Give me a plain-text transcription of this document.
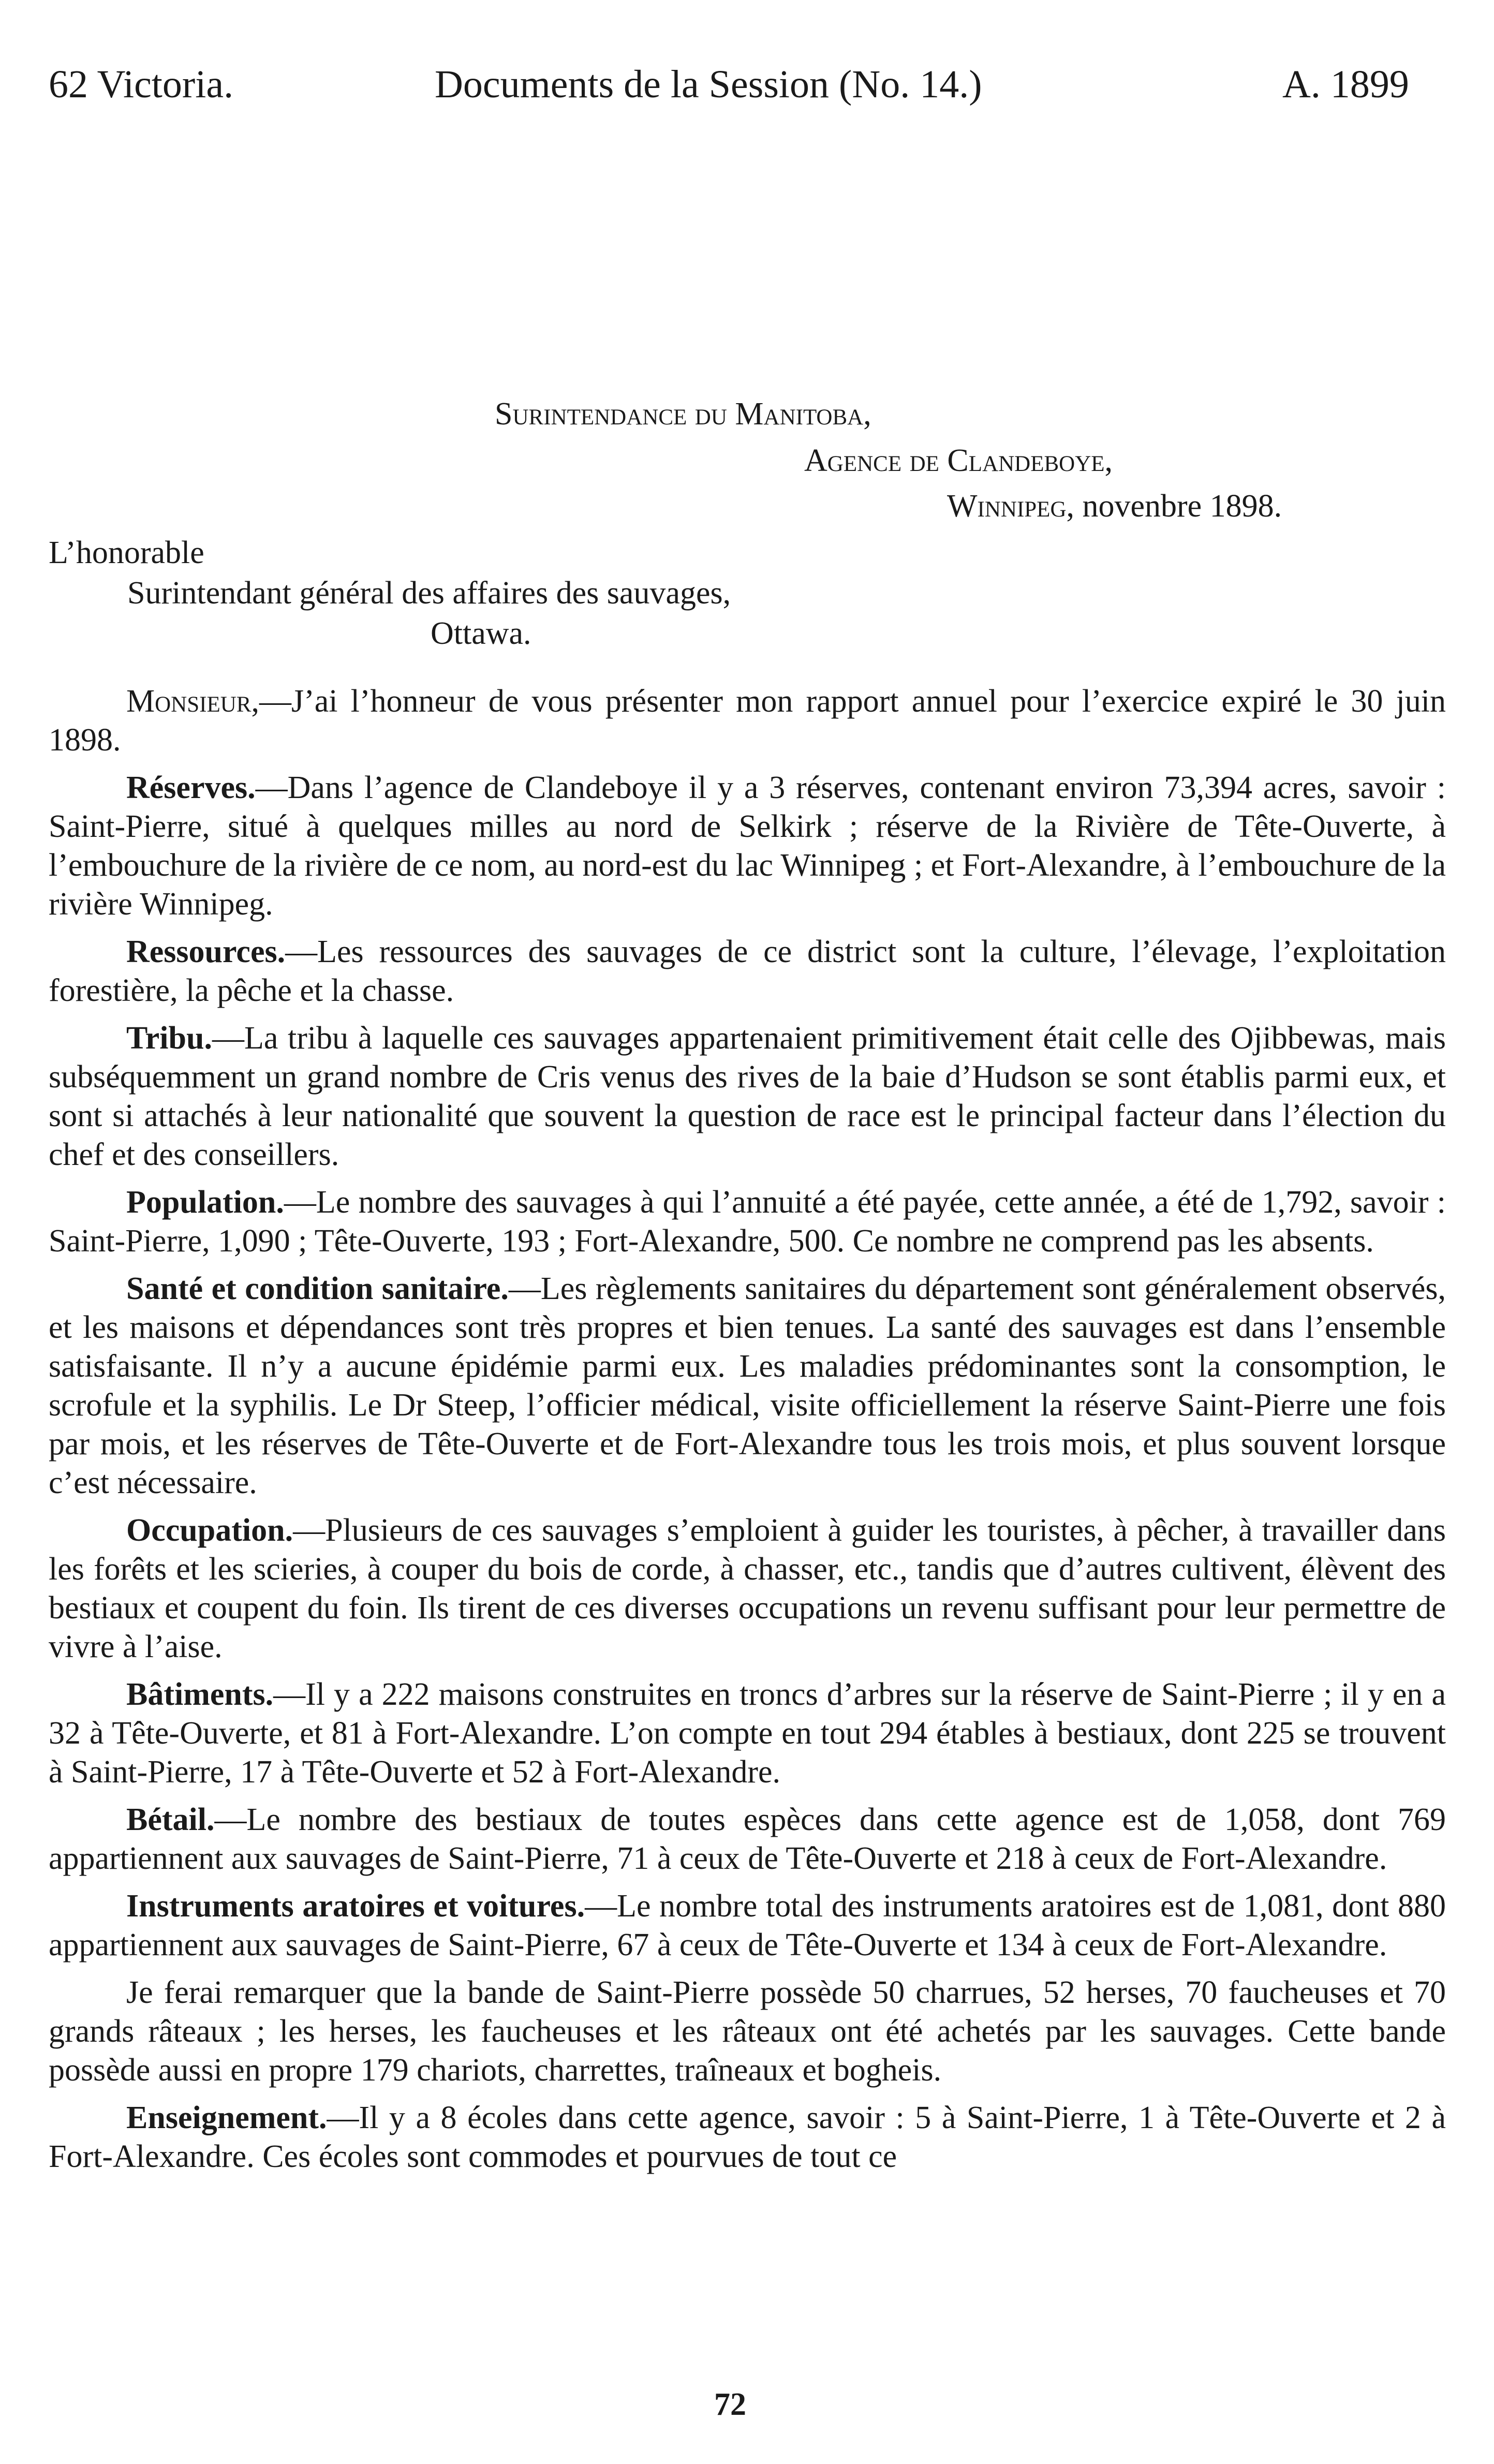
62 Victoria.	Documents de la Session (No. 14.)	A. 1899
Surintendance du Manitoba,
Agence de Clandeboye,
Winnipeg, novenbre 1898.
L’honorable
Surintendant général des affaires des sauvages,
Ottawa.

Monsieur,—J’ai l’honneur de vous présenter mon rapport annuel pour l’exercice expiré le 30 juin 1898.

Réserves.—Dans l’agence de Clandeboye il y a 3 réserves, contenant environ 73,394 acres, savoir : Saint-Pierre, situé à quelques milles au nord de Selkirk ; réserve de la Rivière de Tête-Ouverte, à l’embouchure de la rivière de ce nom, au nord-est du lac Winnipeg ; et Fort-Alexandre, à l’embouchure de la rivière Winnipeg.

Ressources.—Les ressources des sauvages de ce district sont la culture, l’élevage, l’exploitation forestière, la pêche et la chasse.

Tribu.—La tribu à laquelle ces sauvages appartenaient primitivement était celle des Ojibbewas, mais subséquemment un grand nombre de Cris venus des rives de la baie d’Hudson se sont établis parmi eux, et sont si attachés à leur nationalité que souvent la question de race est le principal facteur dans l’élection du chef et des conseillers.

Population.—Le nombre des sauvages à qui l’annuité a été payée, cette année, a été de 1,792, savoir : Saint-Pierre, 1,090 ; Tête-Ouverte, 193 ; Fort-Alexandre, 500. Ce nombre ne comprend pas les absents.

Santé et condition sanitaire.—Les règlements sanitaires du département sont généralement observés, et les maisons et dépendances sont très propres et bien tenues. La santé des sauvages est dans l’ensemble satisfaisante. Il n’y a aucune épidémie parmi eux. Les maladies prédominantes sont la consomption, le scrofule et la syphilis. Le Dr Steep, l’officier médical, visite officiellement la réserve Saint-Pierre une fois par mois, et les réserves de Tête-Ouverte et de Fort-Alexandre tous les trois mois, et plus souvent lorsque c’est nécessaire.

Occupation.—Plusieurs de ces sauvages s’emploient à guider les touristes, à pêcher, à travailler dans les forêts et les scieries, à couper du bois de corde, à chasser, etc., tandis que d’autres cultivent, élèvent des bestiaux et coupent du foin. Ils tirent de ces diverses occupations un revenu suffisant pour leur permettre de vivre à l’aise.

Bâtiments.—Il y a 222 maisons construites en troncs d’arbres sur la réserve de Saint-Pierre ; il y en a 32 à Tête-Ouverte, et 81 à Fort-Alexandre. L’on compte en tout 294 étables à bestiaux, dont 225 se trouvent à Saint-Pierre, 17 à Tête-Ouverte et 52 à Fort-Alexandre.

Bétail.—Le nombre des bestiaux de toutes espèces dans cette agence est de 1,058, dont 769 appartiennent aux sauvages de Saint-Pierre, 71 à ceux de Tête-Ouverte et 218 à ceux de Fort-Alexandre.

Instruments aratoires et voitures.—Le nombre total des instruments aratoires est de 1,081, dont 880 appartiennent aux sauvages de Saint-Pierre, 67 à ceux de Tête-Ouverte et 134 à ceux de Fort-Alexandre.

Je ferai remarquer que la bande de Saint-Pierre possède 50 charrues, 52 herses, 70 faucheuses et 70 grands râteaux ; les herses, les faucheuses et les râteaux ont été achetés par les sauvages. Cette bande possède aussi en propre 179 chariots, charrettes, traîneaux et bogheis.

Enseignement.—Il y a 8 écoles dans cette agence, savoir : 5 à Saint-Pierre, 1 à Tête-Ouverte et 2 à Fort-Alexandre. Ces écoles sont commodes et pourvues de tout ce

72
